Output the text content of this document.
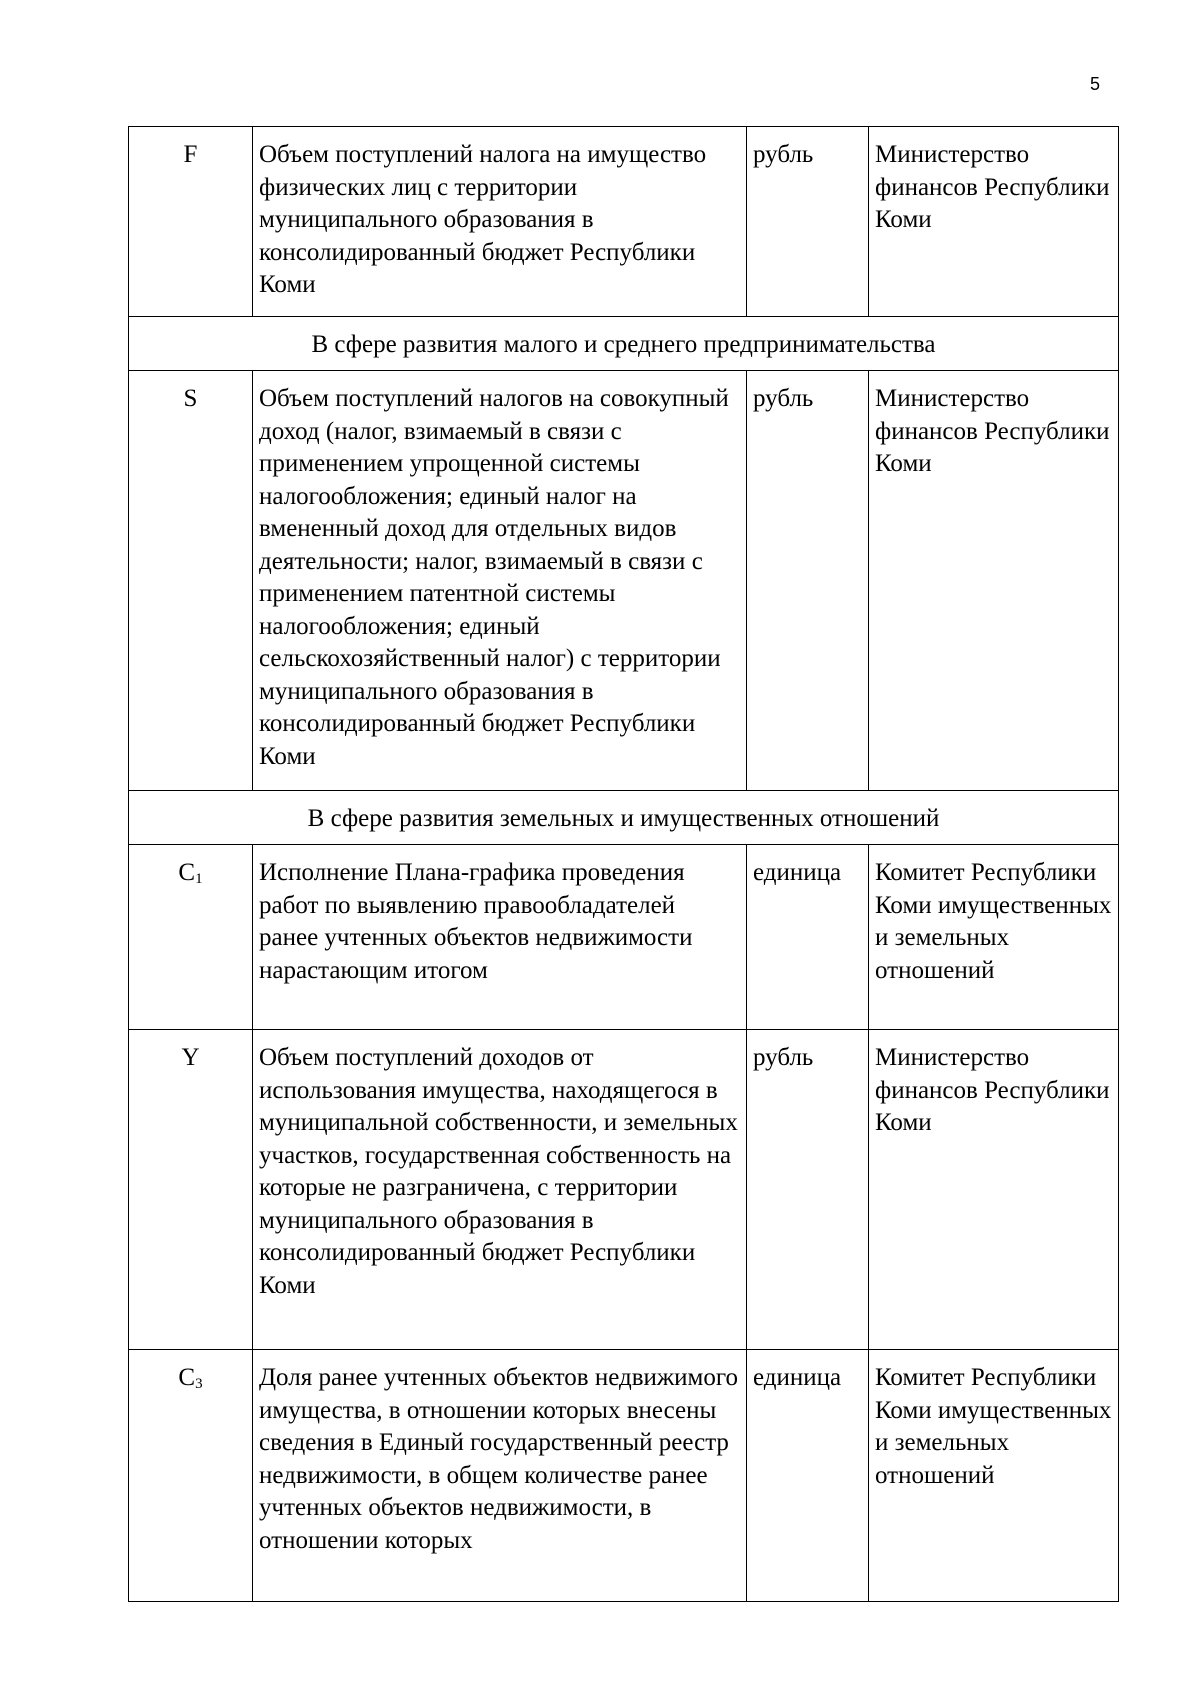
5
F	Объем поступлений налога на имущество физических лиц с территории муниципального образования в консолидированный бюджет Республики Коми	рубль	Министерство финансов Республики Коми
В сфере развития малого и среднего предпринимательства			
S	Объем поступлений налогов на совокупный доход (налог, взимаемый в связи с применением упрощенной системы налогообложения; единый налог на вмененный доход для отдельных видов деятельности; налог, взимаемый в связи с применением патентной системы налогообложения; единый сельскохозяйственный налог) с территории муниципального образования в консолидированный бюджет Республики Коми	рубль	Министерство финансов Республики Коми
В сфере развития земельных и имущественных отношений			
$C_1$	Исполнение Плана-графика проведения работ по выявлению правообладателей ранее учтенных объектов недвижимости нарастающим итогом	единица	Комитет Республики Коми имущественных и земельных отношений
Y	Объем поступлений доходов от использования имущества, находящегося в муниципальной собственности, и земельных участков, государственная собственность на которые не разграничена, с территории муниципального образования в консолидированный бюджет Республики Коми	рубль	Министерство финансов Республики Коми
$C_3$	Доля ранее учтенных объектов недвижимого имущества, в отношении которых внесены сведения в Единый государственный реестр недвижимости, в общем количестве ранее учтенных объектов недвижимости, в отношении которых	единица	Комитет Республики Коми имущественных и земельных отношений
